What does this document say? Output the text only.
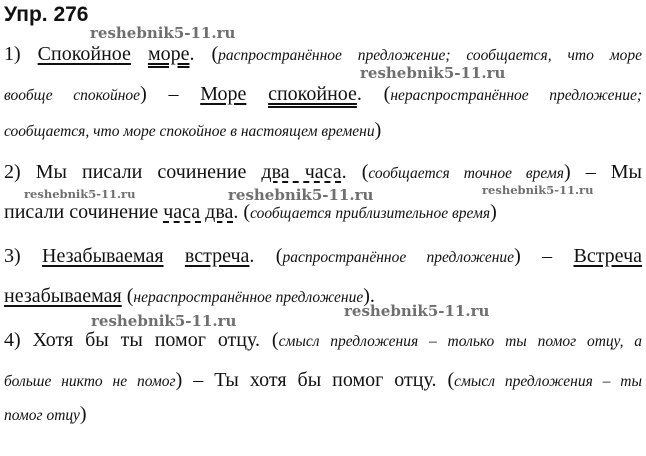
Упр. 276
reshebnik5-11.ru
reshebnik5-11.ru
reshebnik5-11.ru	reshebnik5-11.ru	reshebnik5-11.ru
reshebnik5-11.ru
reshebnik5-11.ru
1) Спокойное море. (распространённое предложение; сообщается, что море
вообще спокойное) – Море спокойное. (нераспространённое предложение;
сообщается, что море спокойное в настоящем времени)
2) Мы писали сочинение два часа. (сообщается точное время) – Мы
писали сочинение часа два. (сообщается приблизительное время)
3) Незабываемая встреча. (распространённое предложение) – Встреча
незабываемая (нераспространённое предложение).
4) Хотя бы ты помог отцу. (смысл предложения – только ты помог отцу, а
больше никто не помог) – Ты хотя бы помог отцу. (смысл предложения – ты
помог отцу)
